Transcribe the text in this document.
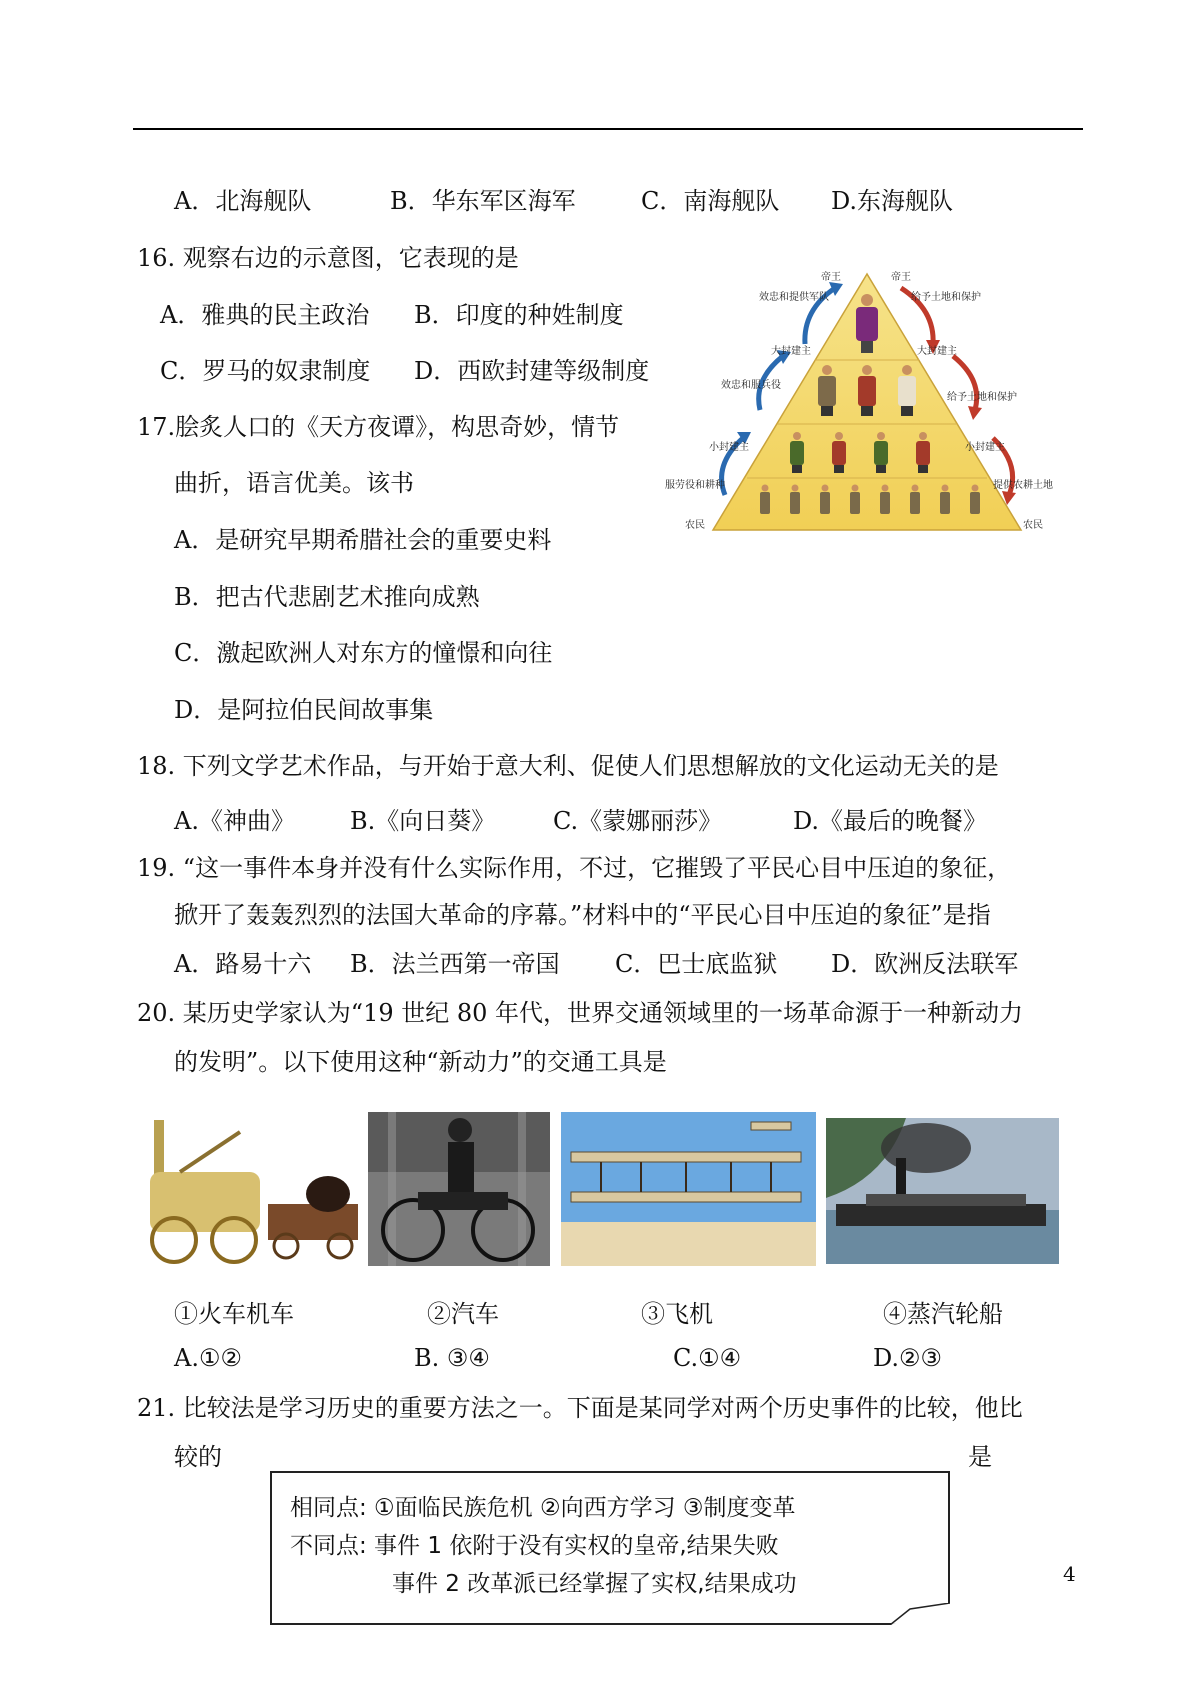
A．北海舰队	B．华东军区海军	C．南海舰队 D.东海舰队
16. 观察右边的示意图，它表现的是
A．雅典的民主政治 B．印度的种姓制度
C．罗马的奴隶制度 D．西欧封建等级制度
帝王	帝王
效忠和提供军队	给予土地和保护
大封建主	大封建主
效忠和服兵役
给予土地和保护
小封建主	小封建主
服劳役和耕种	提供农耕土地
农民	农民
17.脍炙人口的《天方夜谭》，构思奇妙，情节
曲折，语言优美。该书
A．是研究早期希腊社会的重要史料
B．把古代悲剧艺术推向成熟
C．激起欧洲人对东方的憧憬和向往
D．是阿拉伯民间故事集
18. 下列文学艺术作品，与开始于意大利、促使人们思想解放的文化运动无关的是
A.《神曲》 B.《向日葵》 C.《蒙娜丽莎》	D.《最后的晚餐》
19. “这一事件本身并没有什么实际作用，不过，它摧毁了平民心目中压迫的象征，
掀开了轰轰烈烈的法国大革命的序幕。”材料中的“平民心目中压迫的象征”是指
A．路易十六 B．法兰西第一帝国 C．巴士底监狱 D．欧洲反法联军
20. 某历史学家认为“19 世纪 80 年代，世界交通领域里的一场革命源于一种新动力
的发明”。以下使用这种“新动力”的交通工具是
①火车机车	②汽车	③飞机	④蒸汽轮船
A.①②	B. ③④	C.①④	D.②③
21. 比较法是学习历史的重要方法之一。下面是某同学对两个历史事件的比较，他比
较的	是
相同点: ①面临民族危机 ②向西方学习 ③制度变革
不同点: 事件 1 依附于没有实权的皇帝,结果失败
事件 2 改革派已经掌握了实权,结果成功	4
